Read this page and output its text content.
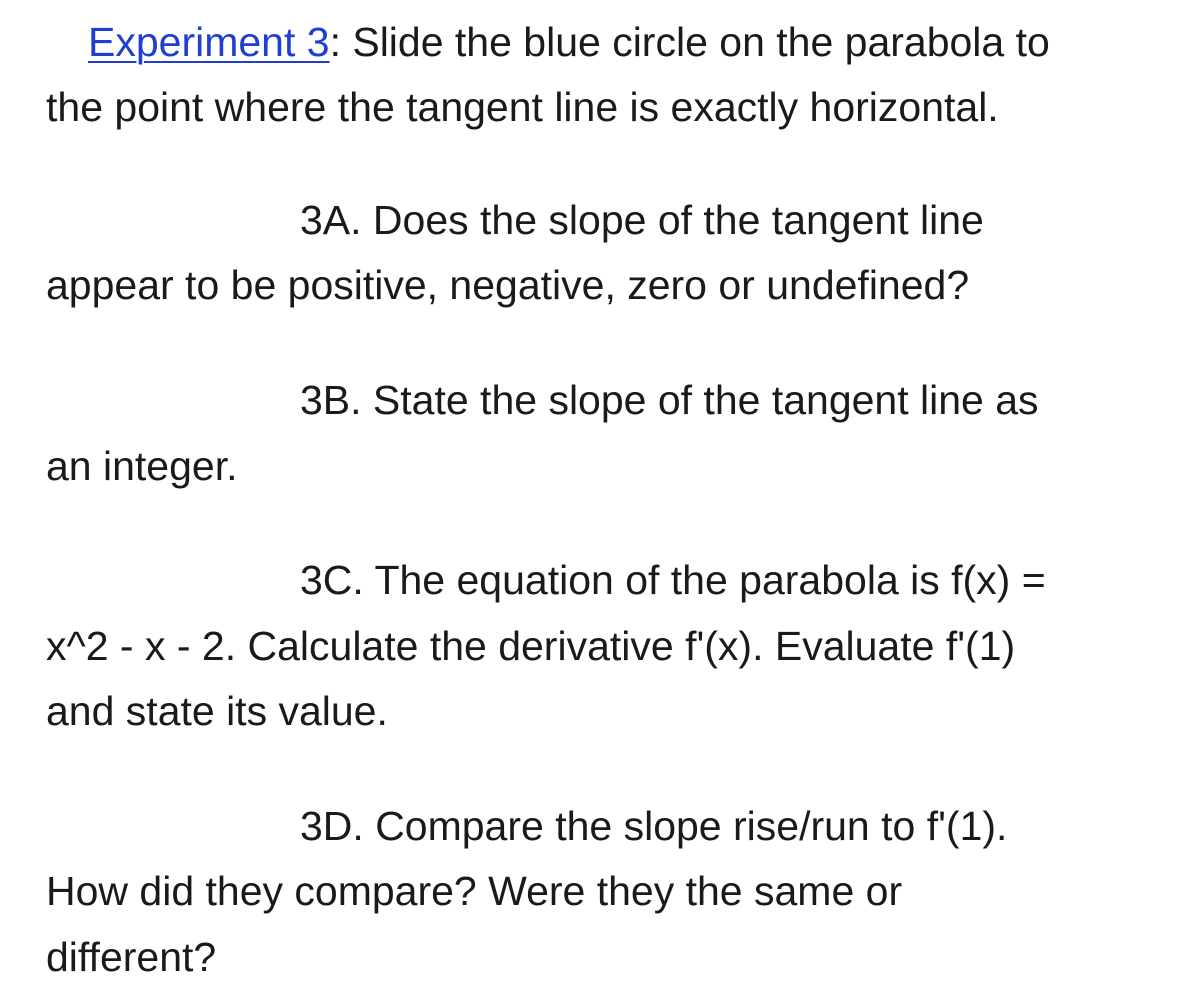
Experiment 3: Slide the blue circle on the parabola to
the point where the tangent line is exactly horizontal.
3A. Does the slope of the tangent line
appear to be positive, negative, zero or undefined?
3B. State the slope of the tangent line as
an integer.
3C. The equation of the parabola is f(x) =
x^2 - x - 2. Calculate the derivative f'(x). Evaluate f'(1)
and state its value.
3D. Compare the slope rise/run to f'(1).
How did they compare? Were they the same or
different?
